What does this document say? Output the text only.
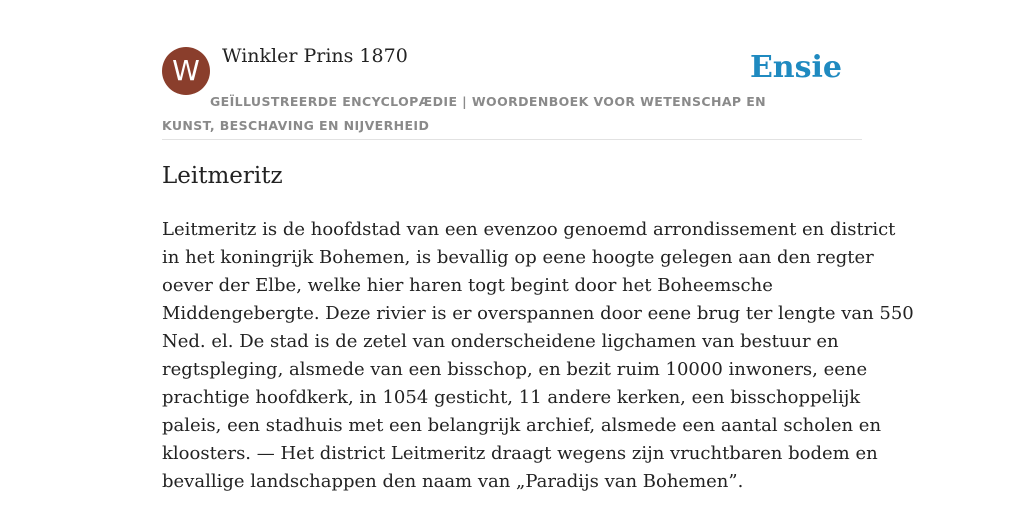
W	Winkler Prins 1870	Ensie
GEÏLLUSTREERDE ENCYCLOPÆDIE | WOORDENBOEK VOOR WETENSCHAP EN KUNST, BESCHAVING EN NIJVERHEID
Leitmeritz
Leitmeritz is de hoofdstad van een evenzoo genoemd arrondissement en district
in het koningrijk Bohemen, is bevallig op eene hoogte gelegen aan den regter
oever der Elbe, welke hier haren togt begint door het Boheemsche
Middengebergte. Deze rivier is er overspannen door eene brug ter lengte van 550
Ned. el. De stad is de zetel van onderscheidene ligchamen van bestuur en
regtspleging, alsmede van een bisschop, en bezit ruim 10000 inwoners, eene
prachtige hoofdkerk, in 1054 gesticht, 11 andere kerken, een bisschoppelijk
paleis, een stadhuis met een belangrijk archief, alsmede een aantal scholen en
kloosters. — Het district Leitmeritz draagt wegens zijn vruchtbaren bodem en
bevallige landschappen den naam van „Paradijs van Bohemen”.
